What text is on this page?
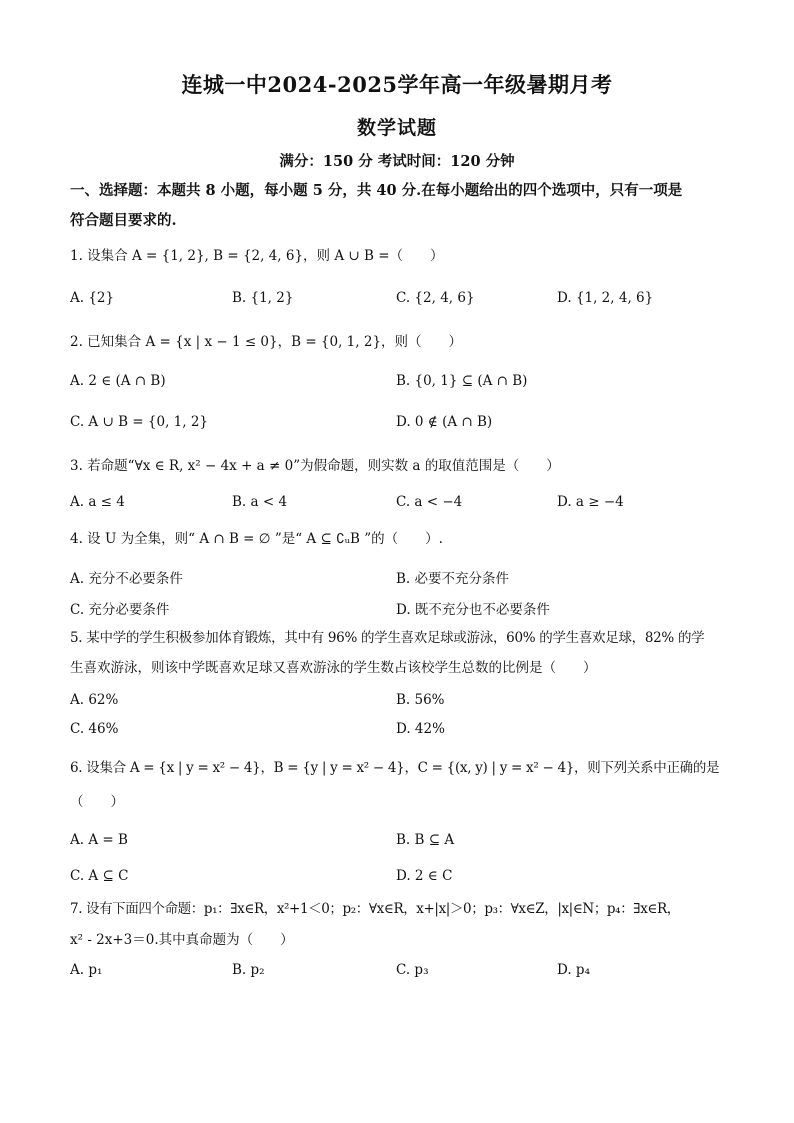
连城一中2024-2025学年高一年级暑期月考
数学试题
满分：150 分 考试时间：120 分钟
一、选择题：本题共 8 小题，每小题 5 分，共 40 分.在每小题给出的四个选项中，只有一项是
符合题目要求的.
1. 设集合 A = {1, 2}, B = {2, 4, 6}，则 A ∪ B =（　　）
A. {2}	B. {1, 2}	C. {2, 4, 6}	D. {1, 2, 4, 6}
2. 已知集合 A = {x | x − 1 ≤ 0}，B = {0, 1, 2}，则（　　）
A. 2 ∈ (A ∩ B)	B. {0, 1} ⊆ (A ∩ B)
C. A ∪ B = {0, 1, 2}	D. 0 ∉ (A ∩ B)
3. 若命题“∀x ∈ R, x² − 4x + a ≠ 0”为假命题，则实数 a 的取值范围是（　　）
A. a ≤ 4	B. a < 4	C. a < −4	D. a ≥ −4
4. 设 U 为全集，则“ A ∩ B = ∅ ”是“ A ⊆ ∁ᵤB ”的（　　）.
A. 充分不必要条件	B. 必要不充分条件
C. 充分必要条件	D. 既不充分也不必要条件
5. 某中学的学生积极参加体育锻炼，其中有 96% 的学生喜欢足球或游泳，60% 的学生喜欢足球，82% 的学
生喜欢游泳，则该中学既喜欢足球又喜欢游泳的学生数占该校学生总数的比例是（　　）
A. 62%	B. 56%
C. 46%	D. 42%
6. 设集合 A = {x | y = x² − 4}，B = {y | y = x² − 4}，C = {(x, y) | y = x² − 4}，则下列关系中正确的是
（　　）
A. A = B	B. B ⊆ A
C. A ⊆ C	D. 2 ∈ C
7. 设有下面四个命题：p₁：∃x∈R，x²+1＜0；p₂：∀x∈R，x+|x|＞0；p₃：∀x∈Z，|x|∈N；p₄：∃x∈R，
x² - 2x+3＝0.其中真命题为（　　）
A. p₁	B. p₂	C. p₃	D. p₄
